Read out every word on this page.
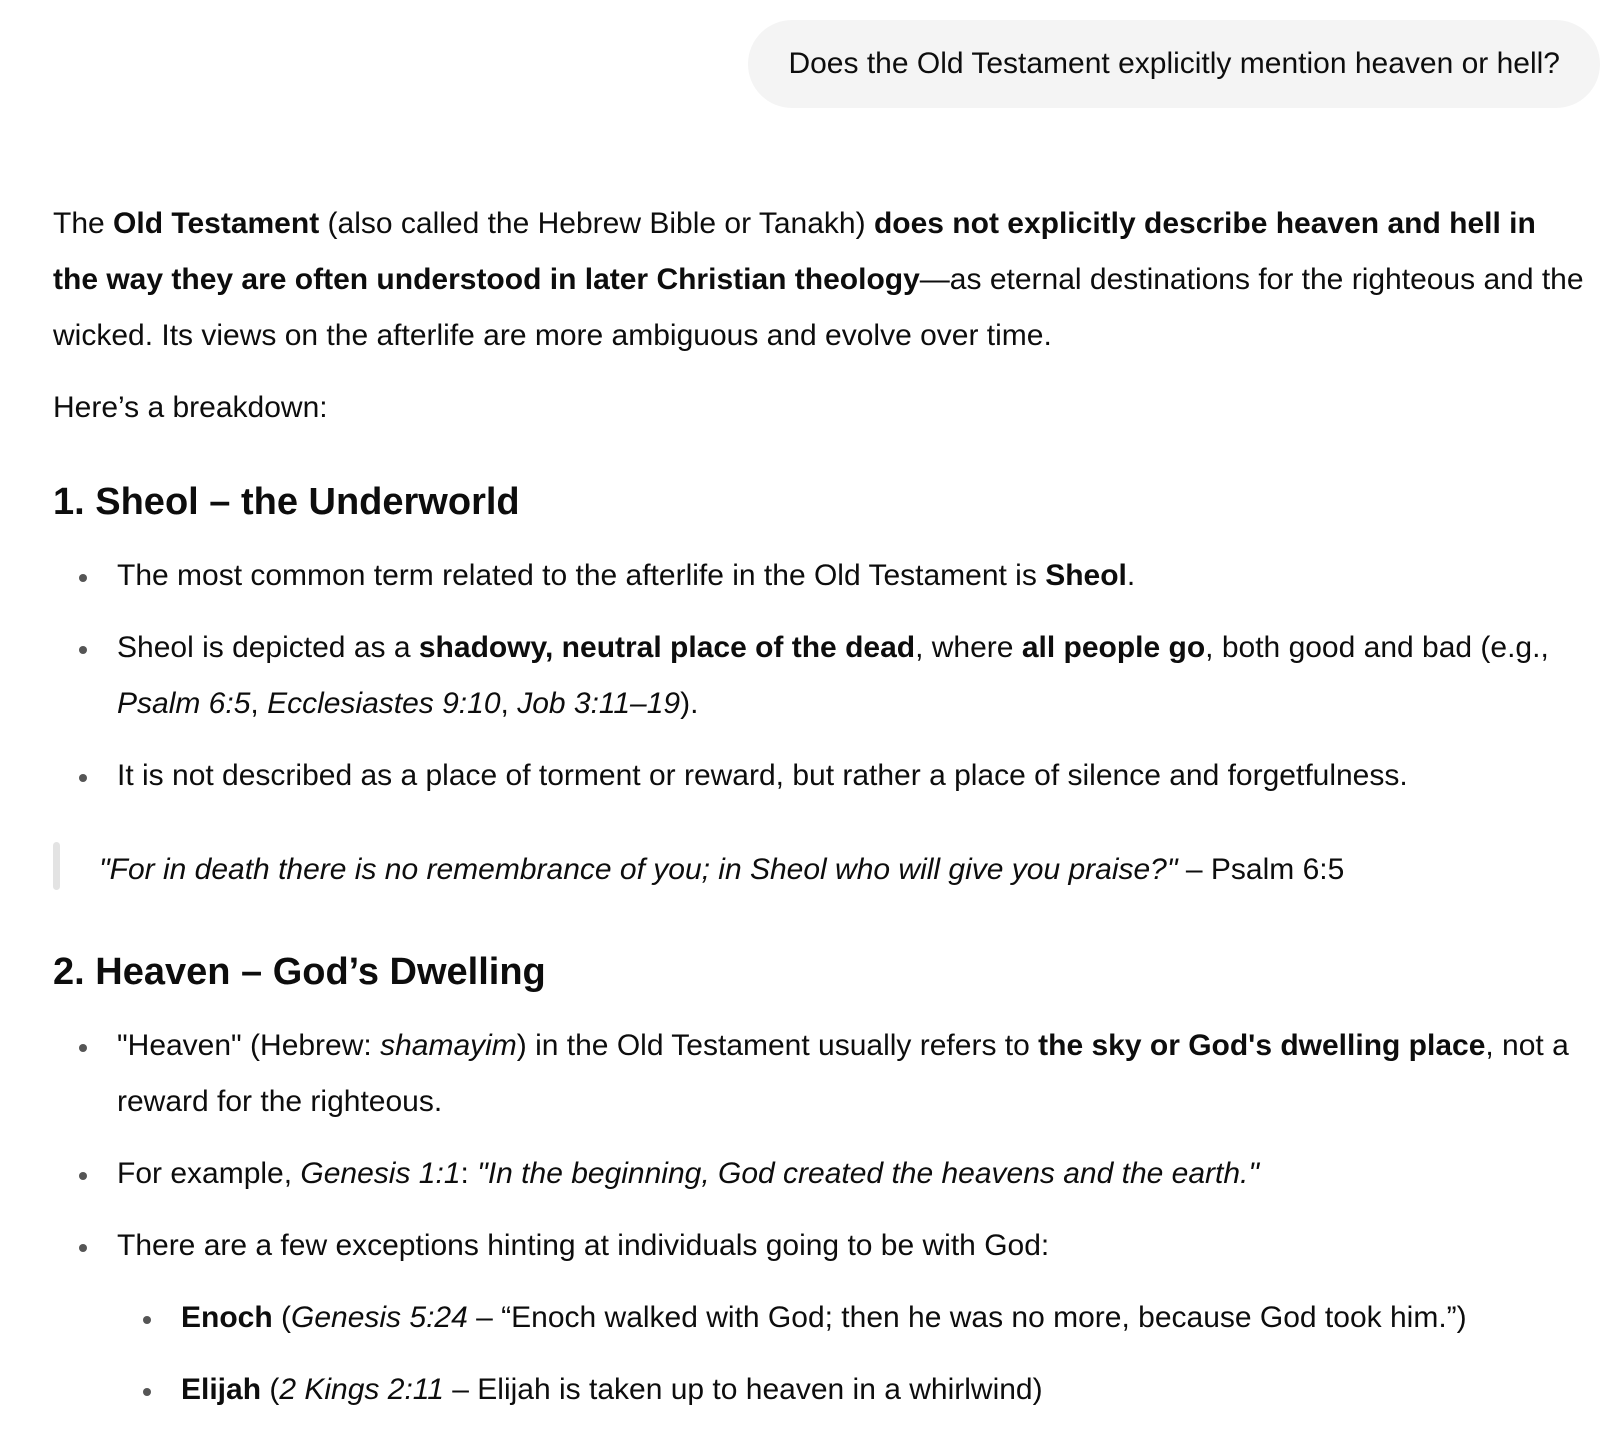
Does the Old Testament explicitly mention heaven or hell?

The Old Testament (also called the Hebrew Bible or Tanakh) does not explicitly describe heaven and hell in the way they are often understood in later Christian theology—as eternal destinations for the righteous and the wicked. Its views on the afterlife are more ambiguous and evolve over time.

Here’s a breakdown:

1. Sheol – the Underworld
The most common term related to the afterlife in the Old Testament is Sheol.
Sheol is depicted as a shadowy, neutral place of the dead, where all people go, both good and bad (e.g., Psalm 6:5, Ecclesiastes 9:10, Job 3:11–19).
It is not described as a place of torment or reward, but rather a place of silence and forgetfulness.
"For in death there is no remembrance of you; in Sheol who will give you praise?" – Psalm 6:5
2. Heaven – God’s Dwelling
"Heaven" (Hebrew: shamayim) in the Old Testament usually refers to the sky or God's dwelling place, not a reward for the righteous.
For example, Genesis 1:1: "In the beginning, God created the heavens and the earth."
There are a few exceptions hinting at individuals going to be with God:
Enoch (Genesis 5:24 – “Enoch walked with God; then he was no more, because God took him.”)
Elijah (2 Kings 2:11 – Elijah is taken up to heaven in a whirlwind)
